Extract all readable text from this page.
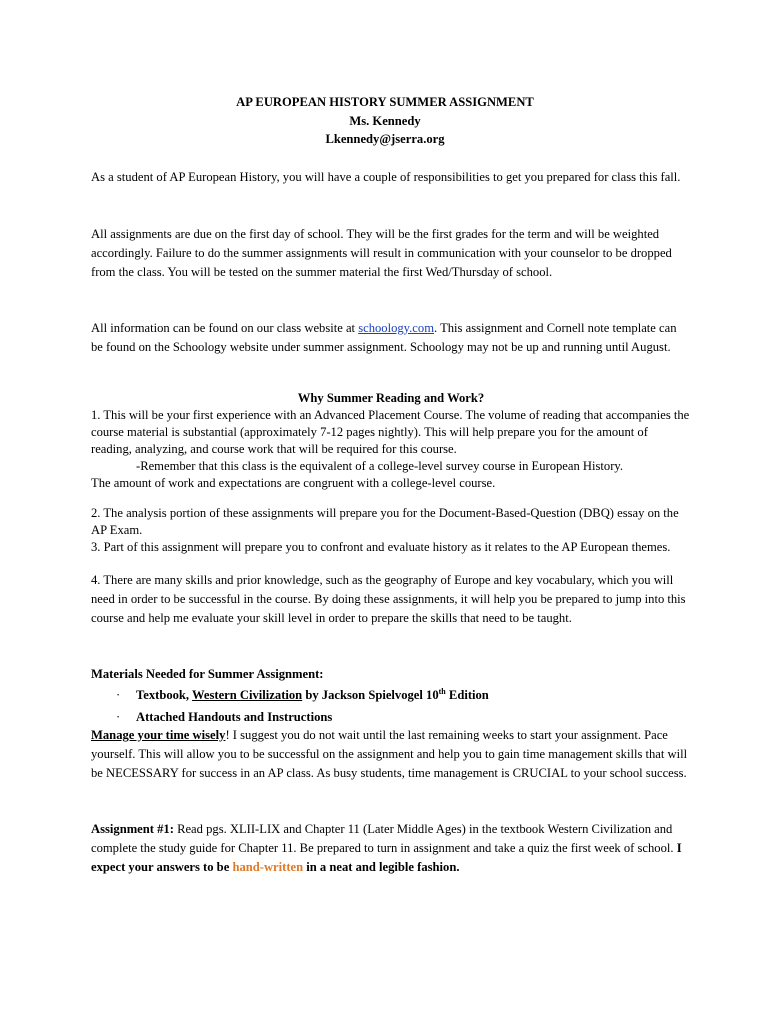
AP EUROPEAN HISTORY SUMMER ASSIGNMENT
Ms. Kennedy
Lkennedy@jserra.org

As a student of AP European History, you will have a couple of responsibilities to get you prepared for class this fall.

All assignments are due on the first day of school. They will be the first grades for the term and will be weighted accordingly. Failure to do the summer assignments will result in communication with your counselor to be dropped from the class. You will be tested on the summer material the first Wed/Thursday of school.

All information can be found on our class website at schoology.com. This assignment and Cornell note template can be found on the Schoology website under summer assignment. Schoology may not be up and running until August.

Why Summer Reading and Work?

1. This will be your first experience with an Advanced Placement Course. The volume of reading that accompanies the course material is substantial (approximately 7-12 pages nightly). This will help prepare you for the amount of reading, analyzing, and course work that will be required for this course.

-Remember that this class is the equivalent of a college-level survey course in European History.

The amount of work and expectations are congruent with a college-level course.

2. The analysis portion of these assignments will prepare you for the Document-Based-Question (DBQ) essay on the AP Exam.

3. Part of this assignment will prepare you to confront and evaluate history as it relates to the AP European themes.

4. There are many skills and prior knowledge, such as the geography of Europe and key vocabulary, which you will need in order to be successful in the course. By doing these assignments, it will help you be prepared to jump into this course and help me evaluate your skill level in order to prepare the skills that need to be taught.

Materials Needed for Summer Assignment:
· Textbook, Western Civilization by Jackson Spielvogel 10th Edition
· Attached Handouts and Instructions

Manage your time wisely! I suggest you do not wait until the last remaining weeks to start your assignment. Pace yourself. This will allow you to be successful on the assignment and help you to gain time management skills that will be NECESSARY for success in an AP class. As busy students, time management is CRUCIAL to your school success.

Assignment #1: Read pgs. XLII-LIX and Chapter 11 (Later Middle Ages) in the textbook Western Civilization and complete the study guide for Chapter 11. Be prepared to turn in assignment and take a quiz the first week of school. I expect your answers to be hand-written in a neat and legible fashion.
